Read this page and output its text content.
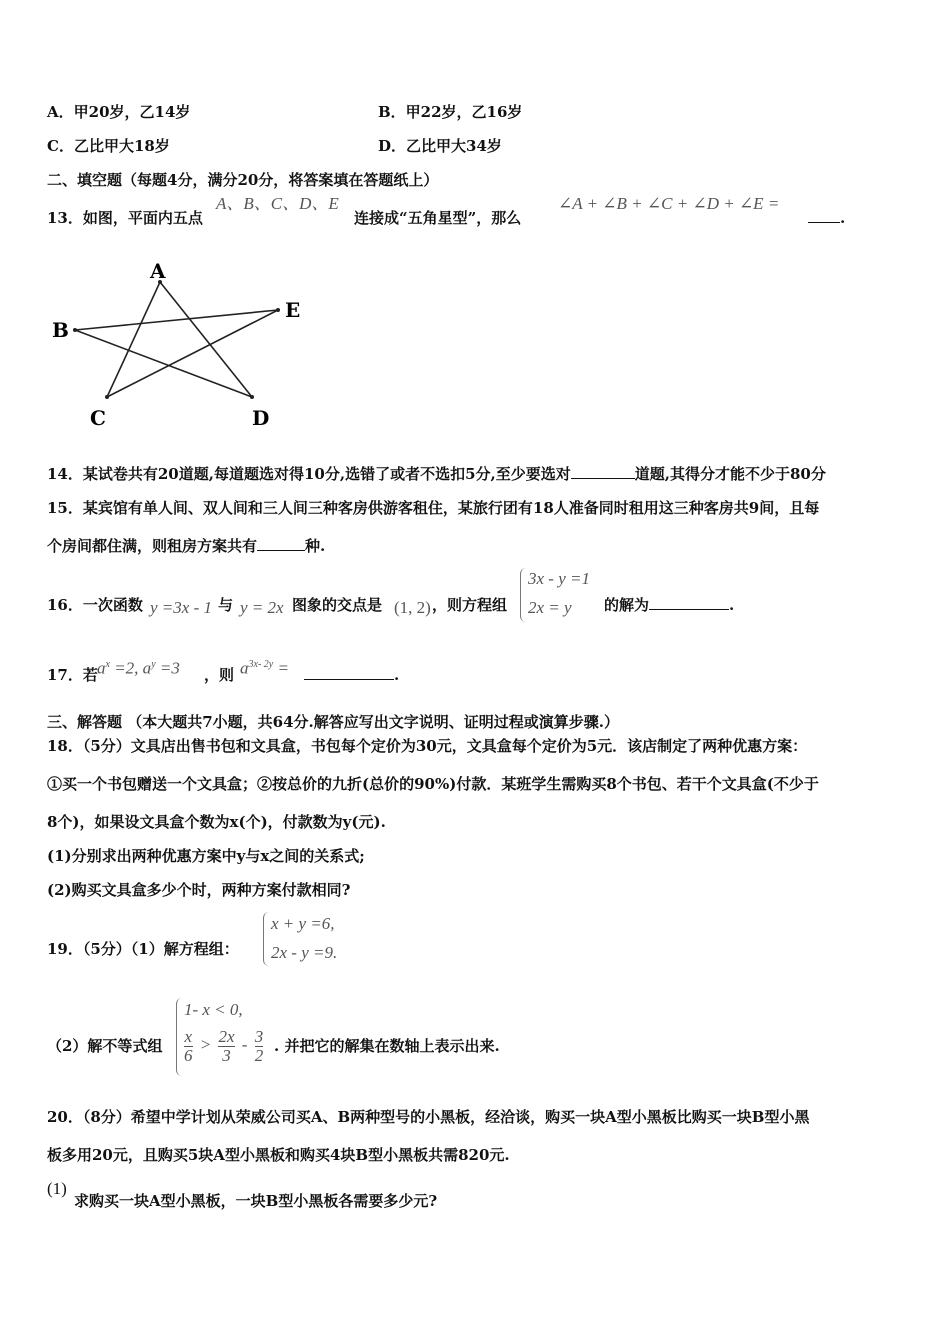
A．甲20岁，乙14岁	B．甲22岁，乙16岁
C．乙比甲大18岁	D．乙比甲大34岁
二、填空题（每题4分，满分20分，将答案填在答题纸上）
13．如图，平面内五点
A、B、C、D、E
连接成“五角星型”，那么
∠A + ∠B + ∠C + ∠D + ∠E =
.
A
B
C	D
E
14．某试卷共有20道题,每道题选对得10分,选错了或者不选扣5分,至少要选对	道题,其得分才能不少于80分
15．某宾馆有单人间、双人间和三人间三种客房供游客租住，某旅行团有18人准备同时租用这三种客房共9间，且每
个房间都住满，则租房方案共有	种.
16．一次函数 y =3x - 1 与 y = 2x 图象的交点是 (1, 2) ，则方程组
3x - y =1
2x = y 的解为	.
17．若 $a^x =2$, $a^y =3$ ，则 $a^{3x- 2y}$ =	.
三、解答题 （本大题共7小题，共64分.解答应写出文字说明、证明过程或演算步骤.）
18．（5分）文具店出售书包和文具盒，书包每个定价为30元，文具盒每个定价为5元．该店制定了两种优惠方案：
①买一个书包赠送一个文具盒；②按总价的九折(总价的90%)付款．某班学生需购买8个书包、若干个文具盒(不少于
8个)，如果设文具盒个数为x(个)，付款数为y(元).
(1)分别求出两种优惠方案中y与x之间的关系式;
(2)购买文具盒多少个时，两种方案付款相同?
19．（5分）（1）解方程组：
x + y =6,
2x - y =9.
（2）解不等式组
1- x < 0,
$\frac{x}{6} > \frac{2x}{3} - \frac{3}{2}$ . 并把它的解集在数轴上表示出来.
20．（8分）希望中学计划从荣威公司买A、B两种型号的小黑板，经洽谈，购买一块A型小黑板比购买一块B型小黑
板多用20元，且购买5块A型小黑板和购买4块B型小黑板共需820元.
(1)
求购买一块A型小黑板，一块B型小黑板各需要多少元?
